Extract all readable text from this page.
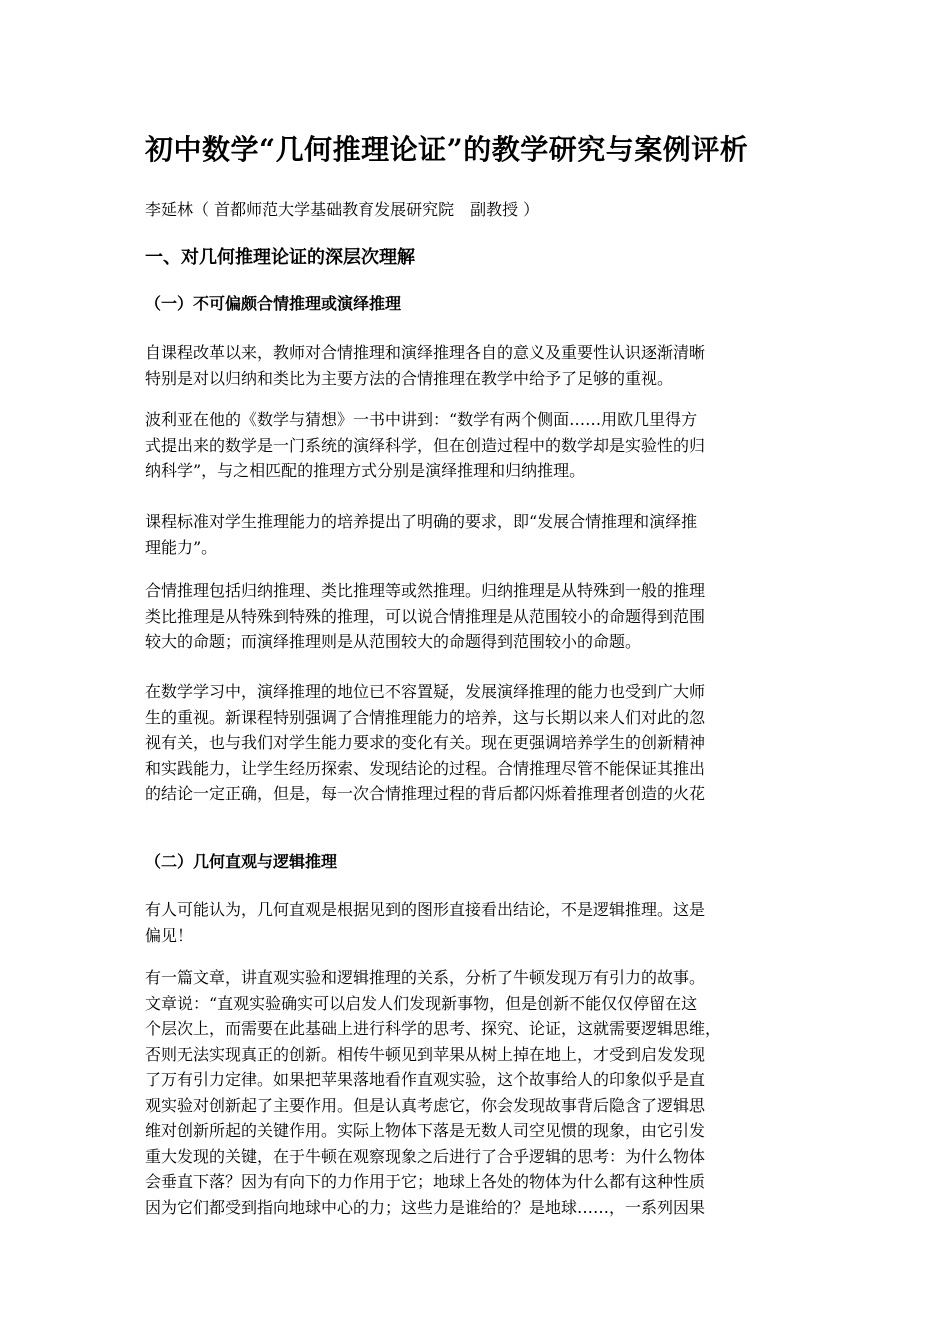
初中数学“几何推理论证”的教学研究与案例评析
李延林（ 首都师范大学基础教育发展研究院　副教授 ）
一、对几何推理论证的深层次理解
（一）不可偏颇合情推理或演绎推理
自课程改革以来，教师对合情推理和演绎推理各自的意义及重要性认识逐渐清晰
特别是对以归纳和类比为主要方法的合情推理在教学中给予了足够的重视。
波利亚在他的《数学与猜想》一书中讲到：“数学有两个侧面……用欧几里得方
式提出来的数学是一门系统的演绎科学，但在创造过程中的数学却是实验性的归
纳科学”，与之相匹配的推理方式分别是演绎推理和归纳推理。
课程标准对学生推理能力的培养提出了明确的要求，即“发展合情推理和演绎推
理能力”。
合情推理包括归纳推理、类比推理等或然推理。归纳推理是从特殊到一般的推理
类比推理是从特殊到特殊的推理，可以说合情推理是从范围较小的命题得到范围
较大的命题；而演绎推理则是从范围较大的命题得到范围较小的命题。
在数学学习中，演绎推理的地位已不容置疑，发展演绎推理的能力也受到广大师
生的重视。新课程特别强调了合情推理能力的培养，这与长期以来人们对此的忽
视有关，也与我们对学生能力要求的变化有关。现在更强调培养学生的创新精神
和实践能力，让学生经历探索、发现结论的过程。合情推理尽管不能保证其推出
的结论一定正确，但是，每一次合情推理过程的背后都闪烁着推理者创造的火花
（二）几何直观与逻辑推理
有人可能认为，几何直观是根据见到的图形直接看出结论，不是逻辑推理。这是
偏见！
有一篇文章，讲直观实验和逻辑推理的关系，分析了牛顿发现万有引力的故事。
文章说：“直观实验确实可以启发人们发现新事物，但是创新不能仅仅停留在这
个层次上，而需要在此基础上进行科学的思考、探究、论证，这就需要逻辑思维，
否则无法实现真正的创新。相传牛顿见到苹果从树上掉在地上，才受到启发发现
了万有引力定律。如果把苹果落地看作直观实验，这个故事给人的印象似乎是直
观实验对创新起了主要作用。但是认真考虑它，你会发现故事背后隐含了逻辑思
维对创新所起的关键作用。实际上物体下落是无数人司空见惯的现象，由它引发
重大发现的关键，在于牛顿在观察现象之后进行了合乎逻辑的思考：为什么物体
会垂直下落？因为有向下的力作用于它；地球上各处的物体为什么都有这种性质
因为它们都受到指向地球中心的力；这些力是谁给的？是地球……，一系列因果
